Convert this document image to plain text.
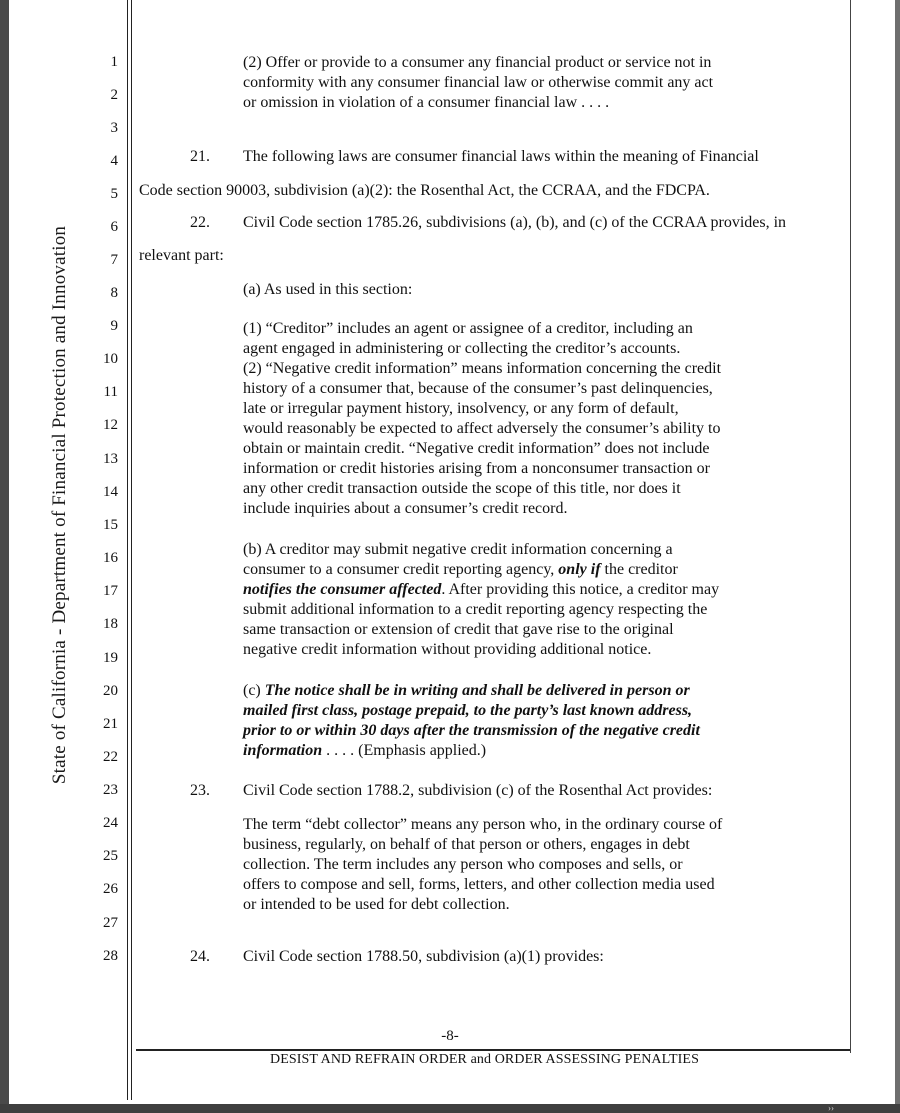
››
State of California - Department of Financial Protection and Innovation
1
2
3
4
5
6
7
8
9
10
11
12
13
14
15
16
17
18
19
20
21
22
23
24
25
26
27
28
(2) Offer or provide to a consumer any financial product or service not in
conformity with any consumer financial law or otherwise commit any act
or omission in violation of a consumer financial law . . . .
21. The following laws are consumer financial laws within the meaning of Financial
Code section 90003, subdivision (a)(2): the Rosenthal Act, the CCRAA, and the FDCPA.
22. Civil Code section 1785.26, subdivisions (a), (b), and (c) of the CCRAA provides, in
relevant part:
(a) As used in this section:
(1) “Creditor” includes an agent or assignee of a creditor, including an
agent engaged in administering or collecting the creditor’s accounts.
(2) “Negative credit information” means information concerning the credit
history of a consumer that, because of the consumer’s past delinquencies,
late or irregular payment history, insolvency, or any form of default,
would reasonably be expected to affect adversely the consumer’s ability to
obtain or maintain credit. “Negative credit information” does not include
information or credit histories arising from a nonconsumer transaction or
any other credit transaction outside the scope of this title, nor does it
include inquiries about a consumer’s credit record.
(b) A creditor may submit negative credit information concerning a
consumer to a consumer credit reporting agency, only if the creditor
notifies the consumer affected. After providing this notice, a creditor may
submit additional information to a credit reporting agency respecting the
same transaction or extension of credit that gave rise to the original
negative credit information without providing additional notice.
(c) The notice shall be in writing and shall be delivered in person or
mailed first class, postage prepaid, to the party’s last known address,
prior to or within 30 days after the transmission of the negative credit
information . . . . (Emphasis applied.)
23. Civil Code section 1788.2, subdivision (c) of the Rosenthal Act provides:
The term “debt collector” means any person who, in the ordinary course of
business, regularly, on behalf of that person or others, engages in debt
collection. The term includes any person who composes and sells, or
offers to compose and sell, forms, letters, and other collection media used
or intended to be used for debt collection.
24. Civil Code section 1788.50, subdivision (a)(1) provides:
-8-
DESIST AND REFRAIN ORDER and ORDER ASSESSING PENALTIES
